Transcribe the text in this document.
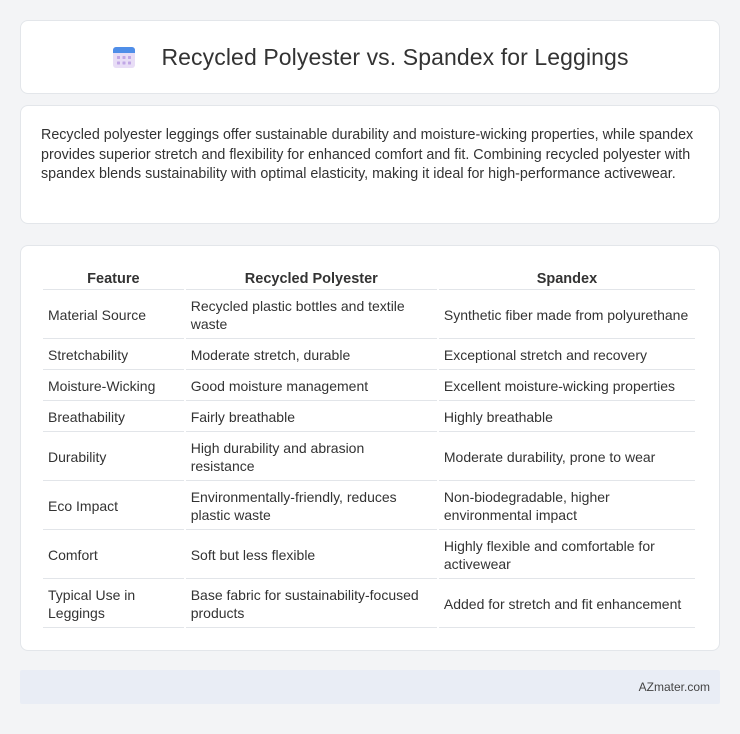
Recycled Polyester vs. Spandex for Leggings

Recycled polyester leggings offer sustainable durability and moisture-wicking properties, while spandex provides superior stretch and flexibility for enhanced comfort and fit. Combining recycled polyester with spandex blends sustainability with optimal elasticity, making it ideal for high-performance activewear.

Feature	Recycled Polyester	Spandex
Material Source	Recycled plastic bottles and textile waste	Synthetic fiber made from polyurethane
Stretchability	Moderate stretch, durable	Exceptional stretch and recovery
Moisture-Wicking	Good moisture management	Excellent moisture-wicking properties
Breathability	Fairly breathable	Highly breathable
Durability	High durability and abrasion resistance	Moderate durability, prone to wear
Eco Impact	Environmentally-friendly, reduces plastic waste	Non-biodegradable, higher environmental impact
Comfort	Soft but less flexible	Highly flexible and comfortable for activewear
Typical Use in Leggings	Base fabric for sustainability-focused products	Added for stretch and fit enhancement
AZmater.com
